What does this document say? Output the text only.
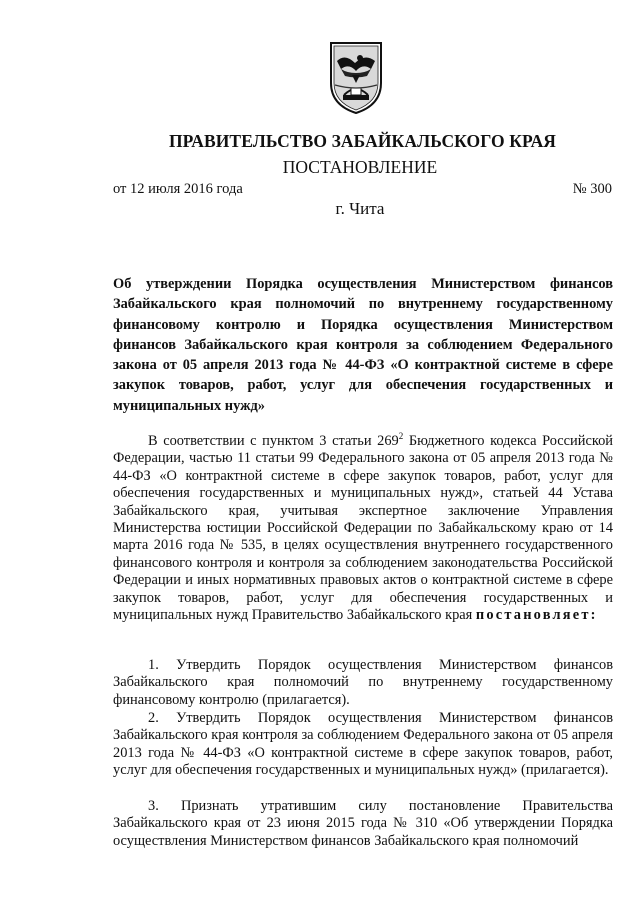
ПРАВИТЕЛЬСТВО ЗАБАЙКАЛЬСКОГО КРАЯ
ПОСТАНОВЛЕНИЕ
от 12 июля 2016 года	№ 300
г. Чита
Об утверждении Порядка осуществления Министерством финансов Забайкальского края полномочий по внутреннему государственному финансовому контролю и Порядка осуществления Министерством финансов Забайкальского края контроля за соблюдением Федерального закона от 05 апреля 2013 года № 44-ФЗ «О контрактной системе в сфере закупок товаров, работ, услуг для обеспечения государственных и муниципальных нужд»
В соответствии с пунктом 3 статьи $269^2$ Бюджетного кодекса Российской Федерации, частью 11 статьи 99 Федерального закона от 05 апреля 2013 года № 44-ФЗ «О контрактной системе в сфере закупок товаров, работ, услуг для обеспечения государственных и муниципальных нужд», статьей 44 Устава Забайкальского края, учитывая экспертное заключение Управления Министерства юстиции Российской Федерации по Забайкальскому краю от 14 марта 2016 года № 535, в целях осуществления внутреннего государственного финансового контроля и контроля за соблюдением законодательства Российской Федерации и иных нормативных правовых актов о контрактной системе в сфере закупок товаров, работ, услуг для обеспечения государственных и муниципальных нужд Правительство Забайкальского края постановляет:
1. Утвердить Порядок осуществления Министерством финансов Забайкальского края полномочий по внутреннему государственному финансовому контролю (прилагается).
2. Утвердить Порядок осуществления Министерством финансов Забайкальского края контроля за соблюдением Федерального закона от 05 апреля 2013 года № 44-ФЗ «О контрактной системе в сфере закупок товаров, работ, услуг для обеспечения государственных и муниципальных нужд» (прилагается).
3. Признать утратившим силу постановление Правительства Забайкальского края от 23 июня 2015 года № 310 «Об утверждении Порядка осуществления Министерством финансов Забайкальского края полномочий
